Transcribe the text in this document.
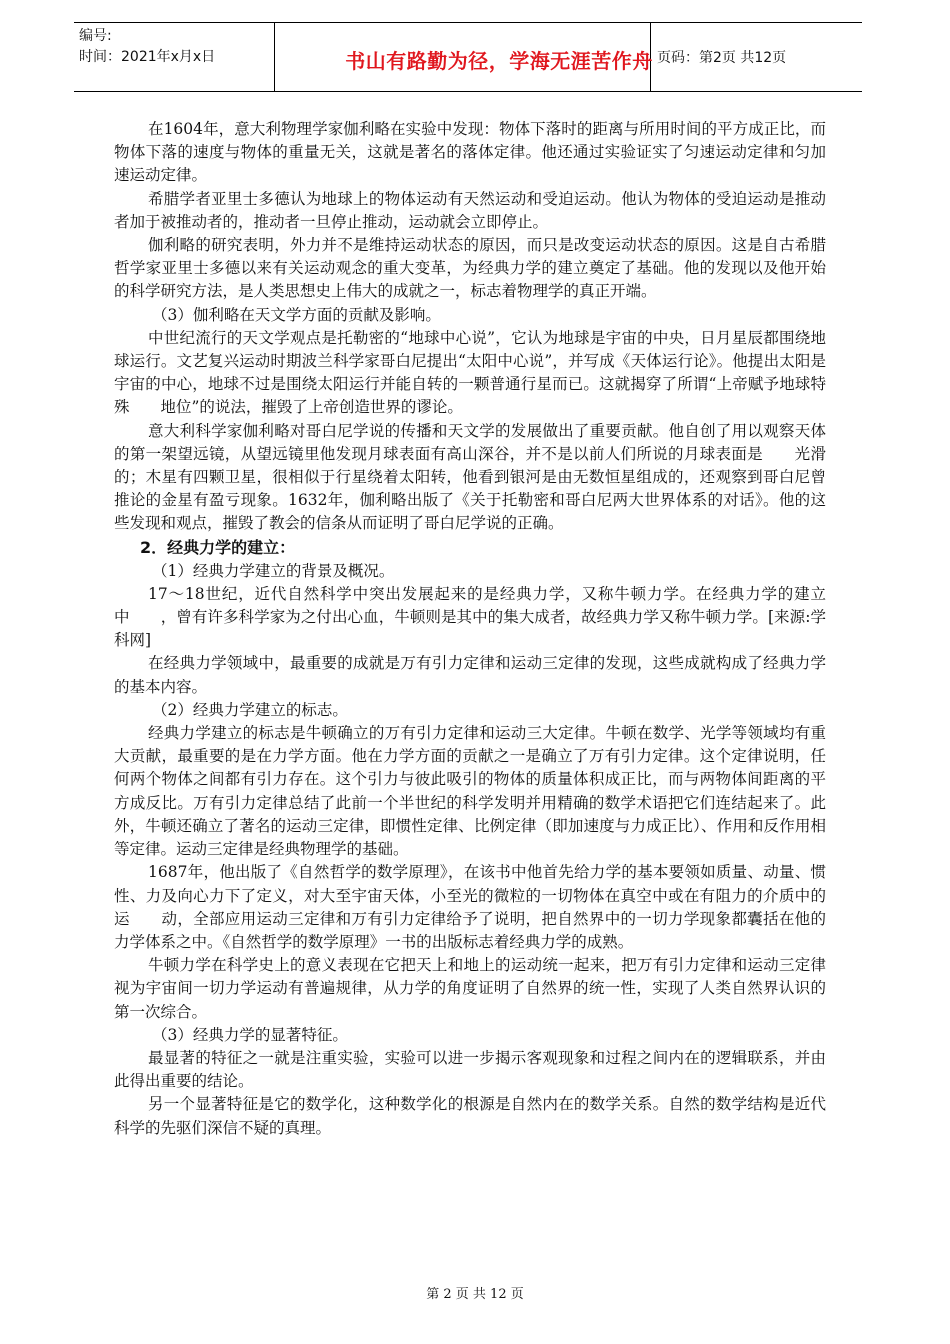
编号:
时间：2021年x月x日	书山有路勤为径，学海无涯苦作舟 页码：第2页 共12页

在1604年，意大利物理学家伽利略在实验中发现：物体下落时的距离与所用时间的平方成正比，而物体下落的速度与物体的重量无关，这就是著名的落体定律。他还通过实验证实了匀速运动定律和匀加速运动定律。

希腊学者亚里士多德认为地球上的物体运动有天然运动和受迫运动。他认为物体的受迫运动是推动者加于被推动者的，推动者一旦停止推动，运动就会立即停止。

伽利略的研究表明，外力并不是维持运动状态的原因，而只是改变运动状态的原因。这是自古希腊哲学家亚里士多德以来有关运动观念的重大变革，为经典力学的建立奠定了基础。他的发现以及他开始的科学研究方法，是人类思想史上伟大的成就之一，标志着物理学的真正开端。

（3）伽利略在天文学方面的贡献及影响。

中世纪流行的天文学观点是托勒密的“地球中心说”，它认为地球是宇宙的中央，日月星辰都围绕地球运行。文艺复兴运动时期波兰科学家哥白尼提出“太阳中心说”，并写成《天体运行论》。他提出太阳是宇宙的中心，地球不过是围绕太阳运行并能自转的一颗普通行星而已。这就揭穿了所谓“上帝赋予地球特殊　　地位”的说法，摧毁了上帝创造世界的谬论。

意大利科学家伽利略对哥白尼学说的传播和天文学的发展做出了重要贡献。他自创了用以观察天体的第一架望远镜，从望远镜里他发现月球表面有高山深谷，并不是以前人们所说的月球表面是　　光滑的；木星有四颗卫星，很相似于行星绕着太阳转，他看到银河是由无数恒星组成的，还观察到哥白尼曾推论的金星有盈亏现象。1632年，伽利略出版了《关于托勒密和哥白尼两大世界体系的对话》。他的这些发现和观点，摧毁了教会的信条从而证明了哥白尼学说的正确。

2．经典力学的建立：

（1）经典力学建立的背景及概况。

17～18世纪，近代自然科学中突出发展起来的是经典力学，又称牛顿力学。在经典力学的建立中　　，曾有许多科学家为之付出心血，牛顿则是其中的集大成者，故经典力学又称牛顿力学。[来源:学科网]

在经典力学领域中，最重要的成就是万有引力定律和运动三定律的发现，这些成就构成了经典力学的基本内容。

（2）经典力学建立的标志。

经典力学建立的标志是牛顿确立的万有引力定律和运动三大定律。牛顿在数学、光学等领域均有重大贡献，最重要的是在力学方面。他在力学方面的贡献之一是确立了万有引力定律。这个定律说明，任何两个物体之间都有引力存在。这个引力与彼此吸引的物体的质量体积成正比，而与两物体间距离的平方成反比。万有引力定律总结了此前一个半世纪的科学发明并用精确的数学术语把它们连结起来了。此外，牛顿还确立了著名的运动三定律，即惯性定律、比例定律（即加速度与力成正比）、作用和反作用相等定律。运动三定律是经典物理学的基础。

1687年，他出版了《自然哲学的数学原理》，在该书中他首先给力学的基本要领如质量、动量、惯性、力及向心力下了定义，对大至宇宙天体，小至光的微粒的一切物体在真空中或在有阻力的介质中的运　　动，全部应用运动三定律和万有引力定律给予了说明，把自然界中的一切力学现象都囊括在他的力学体系之中。《自然哲学的数学原理》一书的出版标志着经典力学的成熟。

牛顿力学在科学史上的意义表现在它把天上和地上的运动统一起来，把万有引力定律和运动三定律视为宇宙间一切力学运动有普遍规律，从力学的角度证明了自然界的统一性，实现了人类自然界认识的第一次综合。

（3）经典力学的显著特征。

最显著的特征之一就是注重实验，实验可以进一步揭示客观现象和过程之间内在的逻辑联系，并由此得出重要的结论。

另一个显著特征是它的数学化，这种数学化的根源是自然内在的数学关系。自然的数学结构是近代科学的先驱们深信不疑的真理。

第 2 页 共 12 页
